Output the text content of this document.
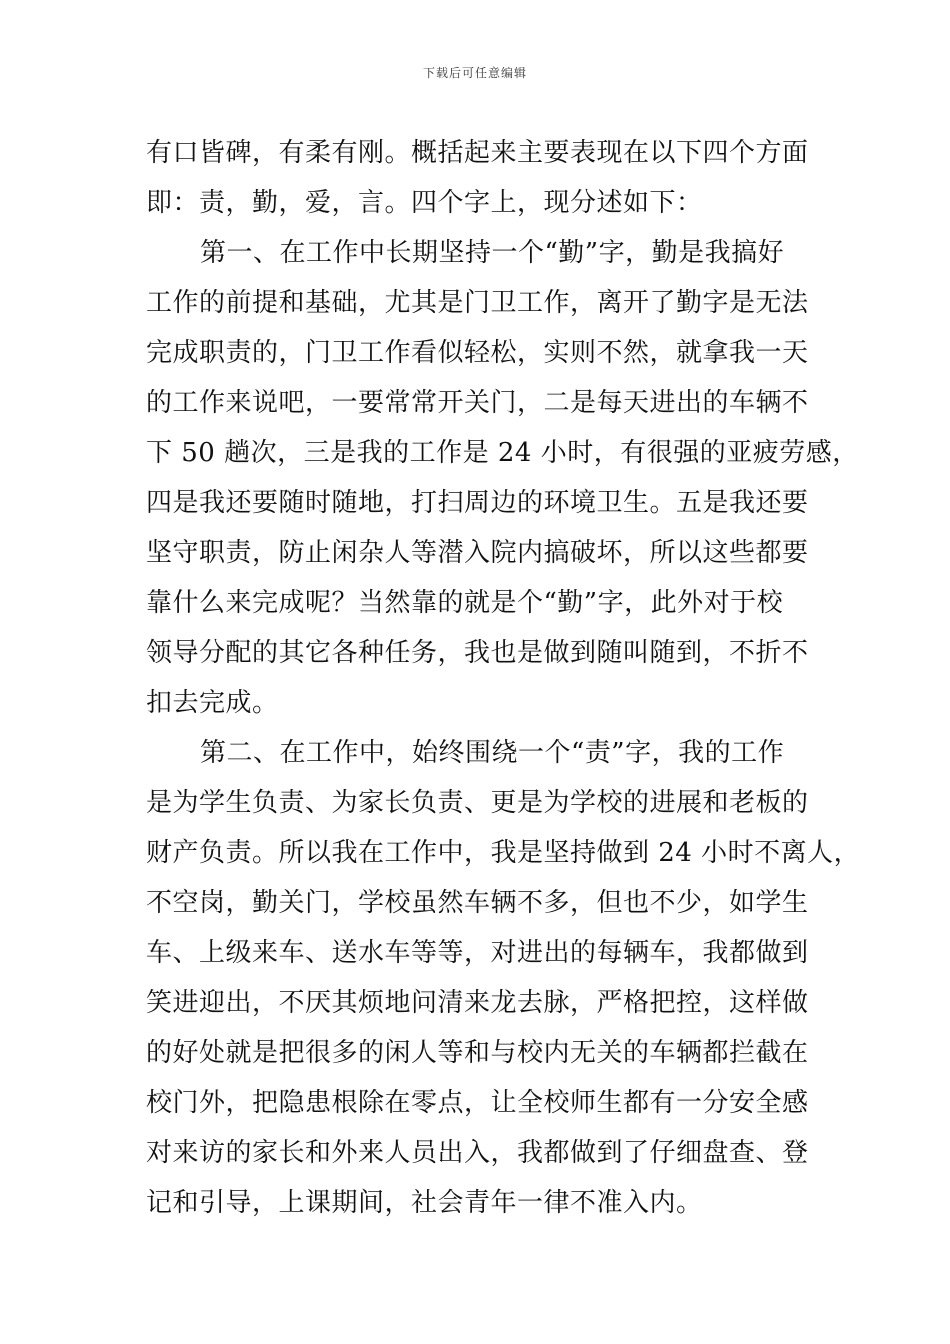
下载后可任意编辑
有口皆碑，有柔有刚。概括起来主要表现在以下四个方面
即：责，勤，爱，言。四个字上，现分述如下：
第一、在工作中长期坚持一个“勤”字，勤是我搞好
工作的前提和基础，尤其是门卫工作，离开了勤字是无法
完成职责的，门卫工作看似轻松，实则不然，就拿我一天
的工作来说吧，一要常常开关门，二是每天进出的车辆不
下 50 趟次，三是我的工作是 24 小时，有很强的亚疲劳感，
四是我还要随时随地，打扫周边的环境卫生。五是我还要
坚守职责，防止闲杂人等潜入院内搞破坏，所以这些都要
靠什么来完成呢？当然靠的就是个“勤”字，此外对于校
领导分配的其它各种任务，我也是做到随叫随到，不折不
扣去完成。
第二、在工作中，始终围绕一个“责”字，我的工作
是为学生负责、为家长负责、更是为学校的进展和老板的
财产负责。所以我在工作中，我是坚持做到 24 小时不离人，
不空岗，勤关门，学校虽然车辆不多，但也不少，如学生
车、上级来车、送水车等等，对进出的每辆车，我都做到
笑进迎出，不厌其烦地问清来龙去脉，严格把控，这样做
的好处就是把很多的闲人等和与校内无关的车辆都拦截在
校门外，把隐患根除在零点，让全校师生都有一分安全感
对来访的家长和外来人员出入，我都做到了仔细盘查、登
记和引导，上课期间，社会青年一律不准入内。
